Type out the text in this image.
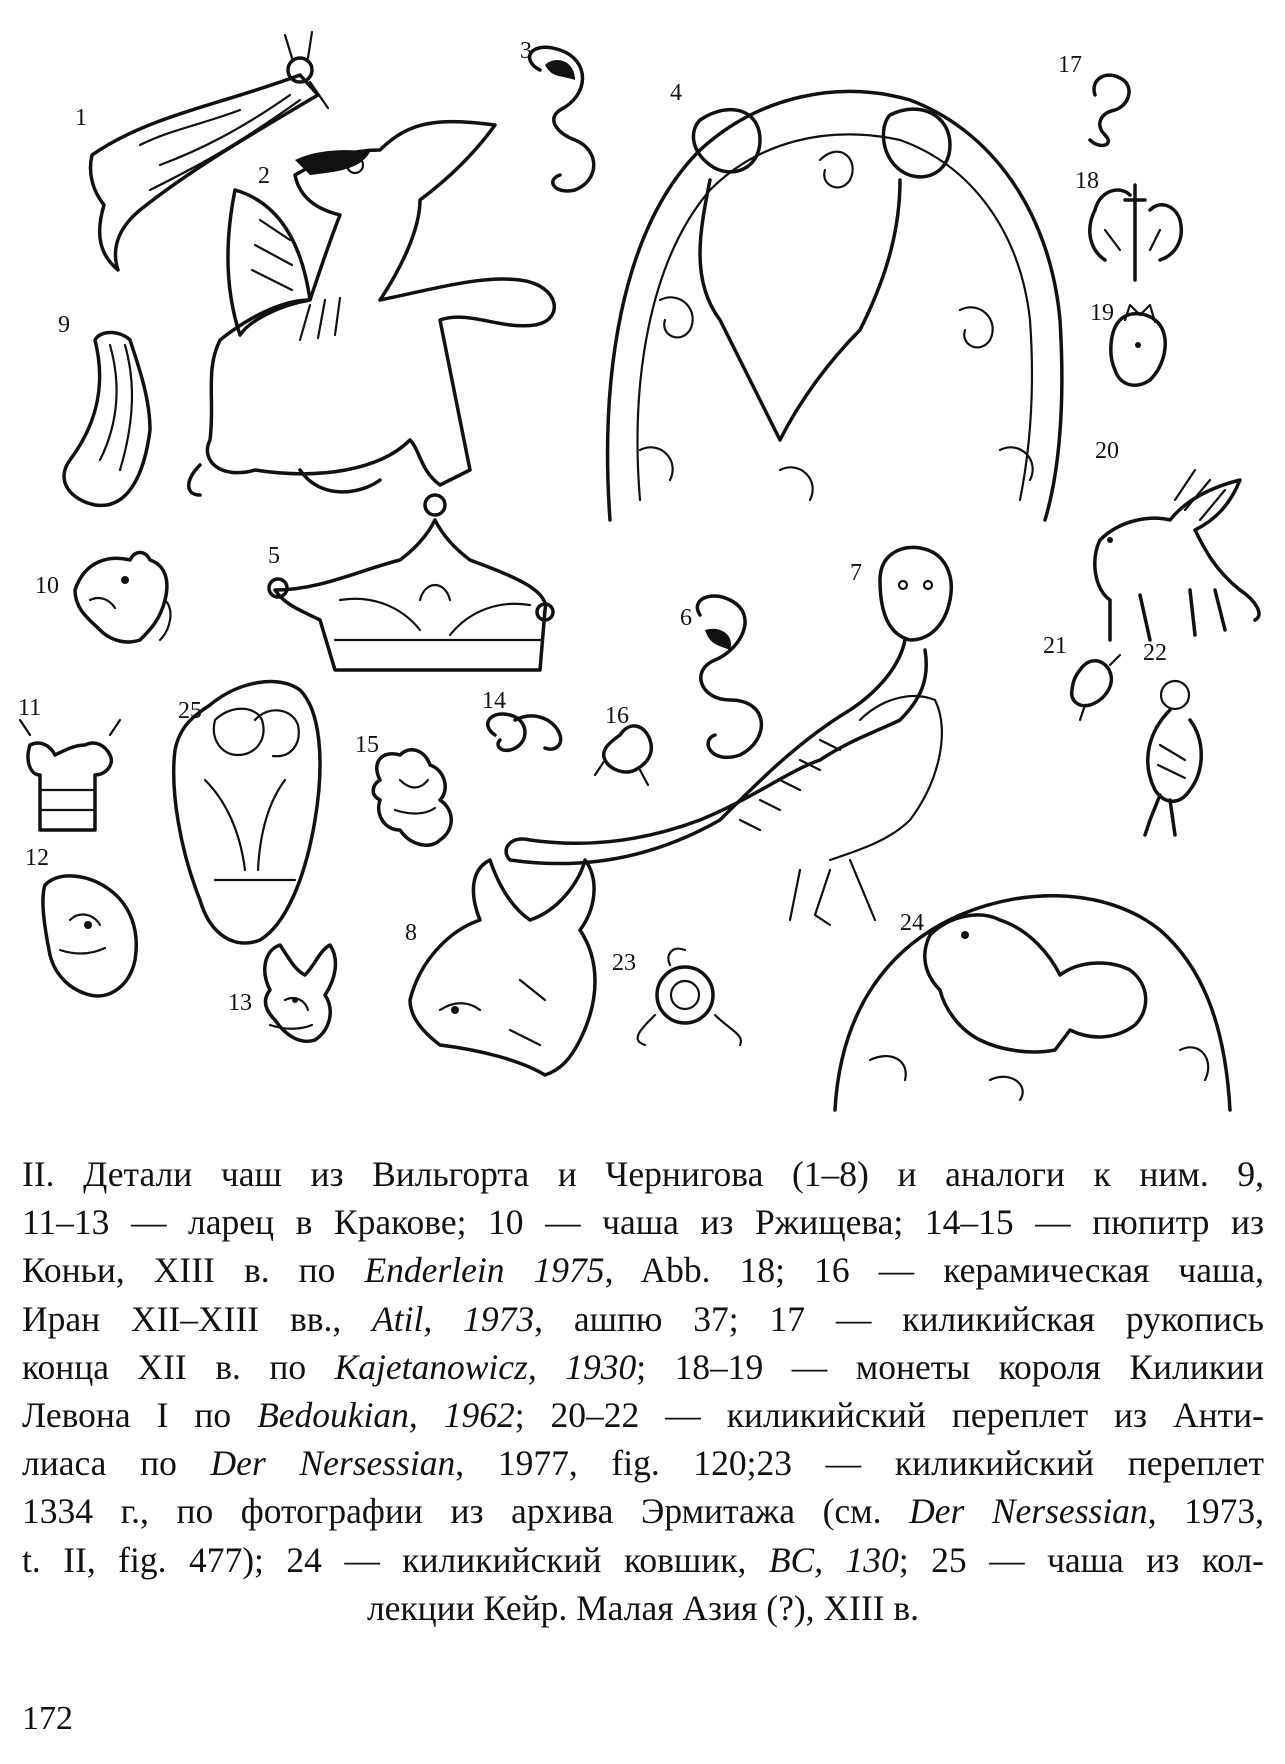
1
2
3
4
5
6
7
8
9
10
11
12
13
14
15
16
17
18
19
20
21	22
23
24
25
II. Детали чаш из Вильгорта и Чернигова (1–8) и аналоги к ним. 9,
11–13 — ларец в Кракове; 10 — чаша из Ржищева; 14–15 — пюпитр из
Коньи, XIII в. по Enderlein 1975, Abb. 18; 16 — керамическая чаша,
Иран XII–XIII вв., Atil, 1973, ашпю 37; 17 — киликийская рукопись
конца XII в. по Kajetanowicz, 1930; 18–19 — монеты короля Киликии
Левона I по Bedoukian, 1962; 20–22 — киликийский переплет из Анти-
лиаса по Der Nersessian, 1977, fig. 120;23 — киликийский переплет
1334 г., по фотографии из архива Эрмитажа (см. Der Nersessian, 1973,
t. II, fig. 477); 24 — киликийский ковшик, BC, 130; 25 — чаша из кол-
лекции Кейр. Малая Азия (?), XIII в.
172
